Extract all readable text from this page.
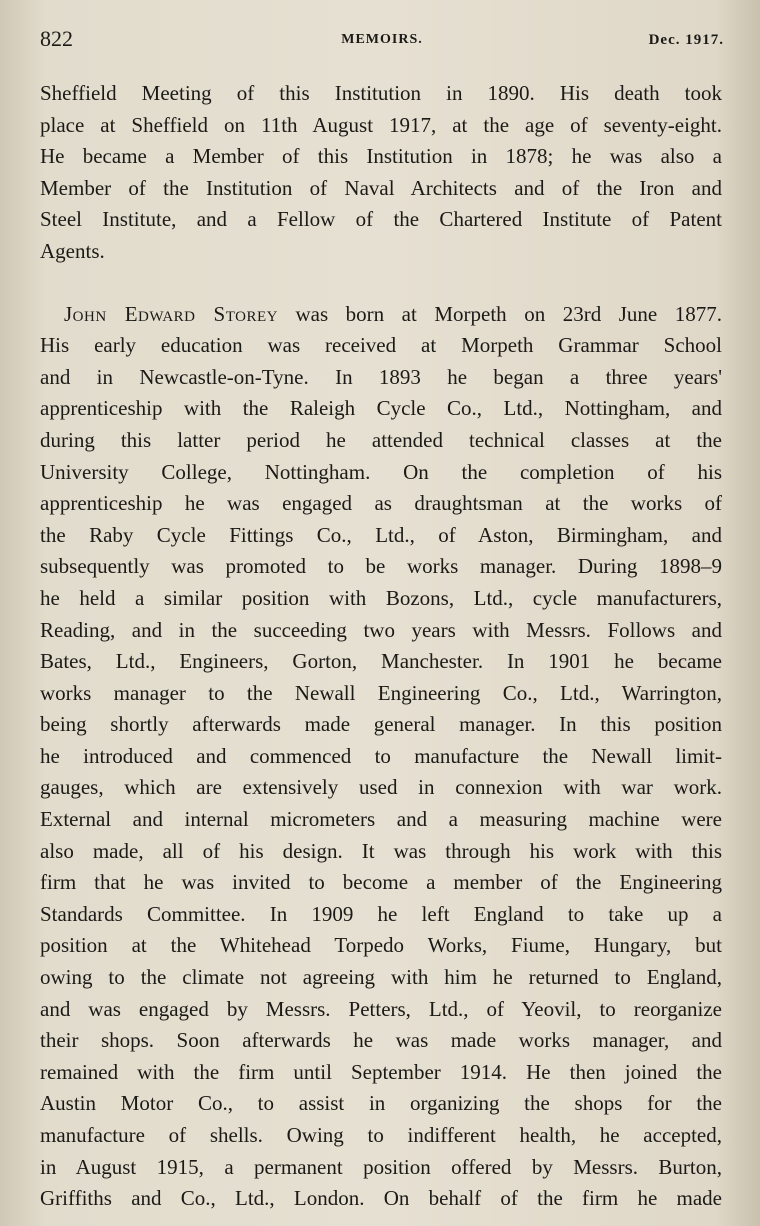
822	MEMOIRS.	Dec. 1917.
Sheffield Meeting of this Institution in 1890. His death took
place at Sheffield on 11th August 1917, at the age of seventy-eight.
He became a Member of this Institution in 1878; he was also a
Member of the Institution of Naval Architects and of the Iron and
Steel Institute, and a Fellow of the Chartered Institute of Patent
Agents.
John Edward Storey was born at Morpeth on 23rd June 1877.
His early education was received at Morpeth Grammar School
and in Newcastle-on-Tyne. In 1893 he began a three years'
apprenticeship with the Raleigh Cycle Co., Ltd., Nottingham, and
during this latter period he attended technical classes at the
University College, Nottingham. On the completion of his
apprenticeship he was engaged as draughtsman at the works of
the Raby Cycle Fittings Co., Ltd., of Aston, Birmingham, and
subsequently was promoted to be works manager. During 1898–9
he held a similar position with Bozons, Ltd., cycle manufacturers,
Reading, and in the succeeding two years with Messrs. Follows and
Bates, Ltd., Engineers, Gorton, Manchester. In 1901 he became
works manager to the Newall Engineering Co., Ltd., Warrington,
being shortly afterwards made general manager. In this position
he introduced and commenced to manufacture the Newall limit-
gauges, which are extensively used in connexion with war work.
External and internal micrometers and a measuring machine were
also made, all of his design. It was through his work with this
firm that he was invited to become a member of the Engineering
Standards Committee. In 1909 he left England to take up a
position at the Whitehead Torpedo Works, Fiume, Hungary, but
owing to the climate not agreeing with him he returned to England,
and was engaged by Messrs. Petters, Ltd., of Yeovil, to reorganize
their shops. Soon afterwards he was made works manager, and
remained with the firm until September 1914. He then joined the
Austin Motor Co., to assist in organizing the shops for the
manufacture of shells. Owing to indifferent health, he accepted,
in August 1915, a permanent position offered by Messrs. Burton,
Griffiths and Co., Ltd., London. On behalf of the firm he made
